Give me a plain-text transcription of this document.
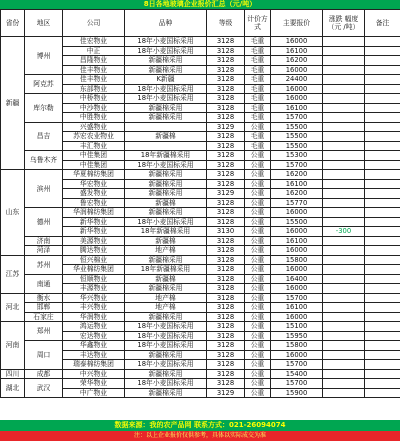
8日各地玻璃企业报价汇总（元/吨）
省份	地区	公司	品种	等级	计价方式	主要报价	涨跌 幅度（元 /吨）	备注
新疆	博州	佳宏物业	18年小麦国标采用	3128	毛重	16000		
		中正	18年小麦国标采用	3128	毛重	16100		
		昌隆物业	新疆棉采用	3128	毛重	16200		
		佳丰物业	新疆棉采用	3128	毛重	16000		
	阿克苏	佳丰物业	K新疆	3128	毛重	24400		
		东部物业	18年小麦国标采用	3128	毛重	16000		
	库尔勒	中桥物业	18年小麦国标采用	3128	毛重	16000		
		中沙物业	新疆棉采用	3128	毛重	16100		
		中胜物业	新疆棉采用	3128	毛重	15700		
	昌吉	兴盛物业		3129	公重	15500		
		苏宏农业物业	新疆棉	3128	毛重	15500		
		丰汇物业		3128	毛重	15500		
	乌鲁木齐	中佳集团	18年新疆棉采用	3128	公重	15300		
		中佳集团	18年小麦国标采用	3128	公重	15700		
山东	滨州	华夏棉纺集团	新疆棉采用	3128	公重	16200		
		华宏物业	新疆棉采用	3128	公重	16100		
		盛发物业	新疆棉采用	3129	公重	16200		
		鲁宏物业	新疆棉	3128	公重	15770		
	德州	华润棉纺集团	新疆棉采用	3128	公重	16000		
		新华物业	18年小麦国标采用	3128	公重	15500		
		新华物业	18年新疆棉采用	3130	公重	16000	-300	
	济南	美源物业	新疆棉	3128	公重	16100		
	菏泽	腾达物业	地产棉	3128	公重	16000		
江苏	苏州	恒兴棉业	新疆棉采用	3128	公重	15800		
		华业棉纺集团	18年新疆棉采用	3128	公重	16000		
	南通	恒顺物业	新疆棉	3128	公重	16400		
		丰源物业	新疆棉采用	3128	公重	16000		
河北	衡水	华兴物业	地产棉	3128	公重	15700		
	邯郸	丰兴物业	地产棉	3128	公重	16100		
	石家庄	华润物业	新疆棉采用	3128	公重	16000		
河南	郑州	鸿运物业	18年小麦国标采用	3128	公重	15100		
		宏达物业	18年小麦国标采用	3128	公重	15950		
	周口	华鑫物业	18年小麦国标采用	3128	公重	15800		
		丰达物业	新疆棉采用	3128	公重	16000		
		瑞泰棉纺集团	18年小麦国标采用	3128	公重	15700		
四川	成都	中兴物业	新疆棉采用	3128	公重	15400		
湖北	武汉	荣华物业	18年小麦国标采用	3128	公重	15700		
		中广物业	新疆棉采用	3129	公重	15900		
数据来源：我的农产品网 联系方式：021-26094074
注：以上企业报价仅供参考，具体以实际成交为准
